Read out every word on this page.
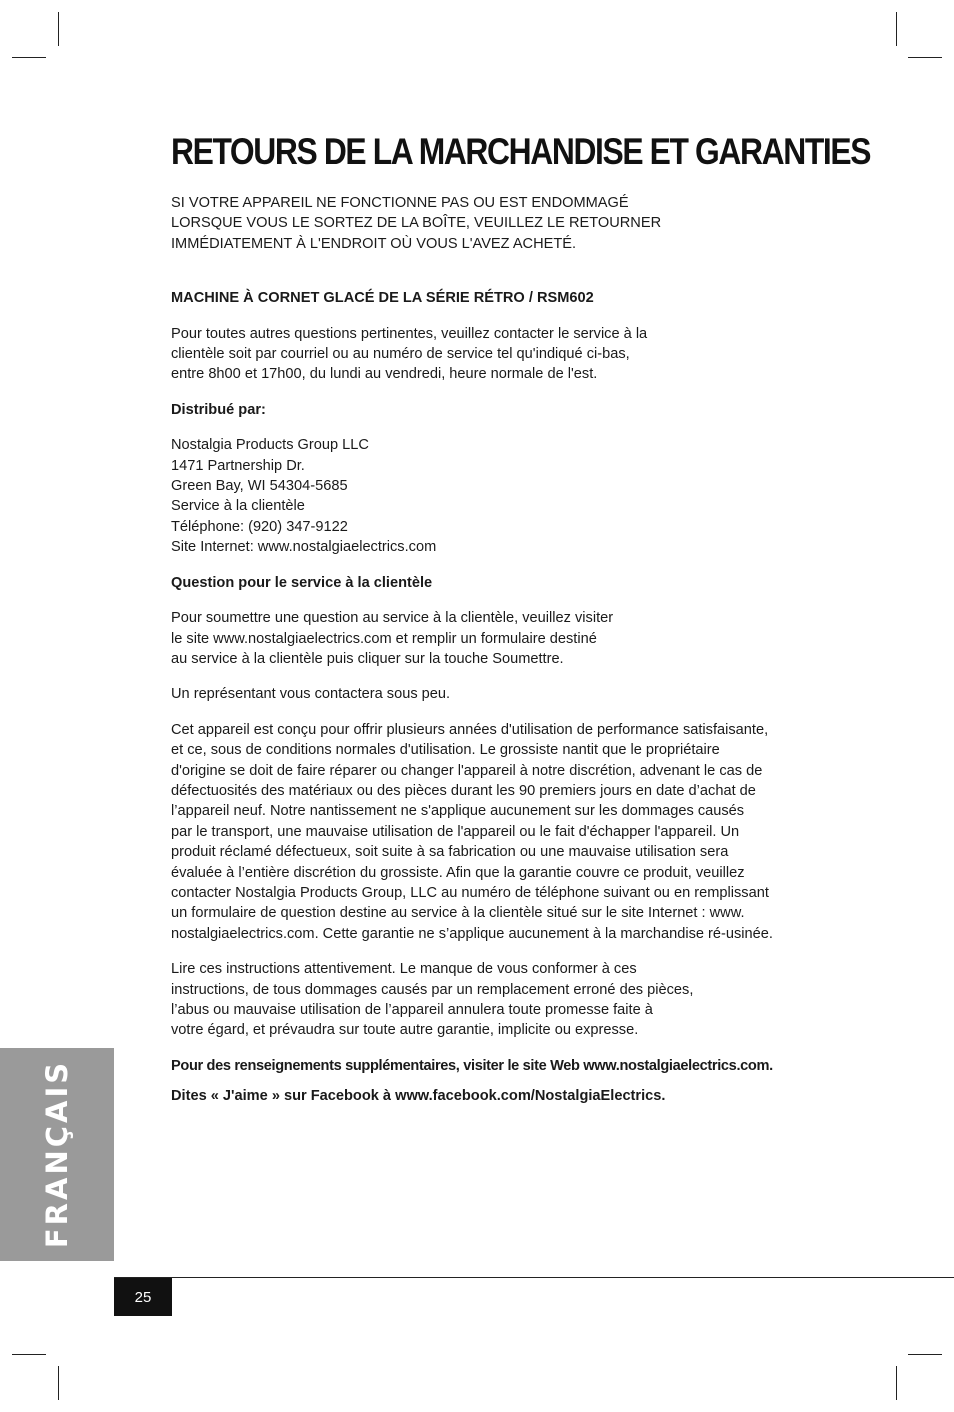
RETOURS DE LA MARCHANDISE ET GARANTIES

SI VOTRE APPAREIL NE FONCTIONNE PAS OU EST ENDOMMAGÉ
LORSQUE VOUS LE SORTEZ DE LA BOÎTE, VEUILLEZ LE RETOURNER
IMMÉDIATEMENT À L'ENDROIT OÙ VOUS L'AVEZ ACHETÉ.

MACHINE À CORNET GLACÉ DE LA SÉRIE RÉTRO / RSM602

Pour toutes autres questions pertinentes, veuillez contacter le service à la
clientèle soit par courriel ou au numéro de service tel qu'indiqué ci-bas,
entre 8h00 et 17h00, du lundi au vendredi, heure normale de l'est.

Distribué par:

Nostalgia Products Group LLC
1471 Partnership Dr.
Green Bay, WI 54304-5685
Service à la clientèle
Téléphone: (920) 347-9122
Site Internet: www.nostalgiaelectrics.com

Question pour le service à la clientèle

Pour soumettre une question au service à la clientèle, veuillez visiter
le site www.nostalgiaelectrics.com et remplir un formulaire destiné
au service à la clientèle puis cliquer sur la touche Soumettre.

Un représentant vous contactera sous peu.

Cet appareil est conçu pour offrir plusieurs années d'utilisation de performance satisfaisante,
et ce, sous de conditions normales d'utilisation. Le grossiste nantit que le propriétaire
d'origine se doit de faire réparer ou changer l'appareil à notre discrétion, advenant le cas de
défectuosités des matériaux ou des pièces durant les 90 premiers jours en date d’achat de
l’appareil neuf. Notre nantissement ne s'applique aucunement sur les dommages causés
par le transport, une mauvaise utilisation de l'appareil ou le fait d'échapper l'appareil. Un
produit réclamé défectueux, soit suite à sa fabrication ou une mauvaise utilisation sera
évaluée à l’entière discrétion du grossiste. Afin que la garantie couvre ce produit, veuillez
contacter Nostalgia Products Group, LLC au numéro de téléphone suivant ou en remplissant
un formulaire de question destine au service à la clientèle situé sur le site Internet : www.
nostalgiaelectrics.com. Cette garantie ne s’applique aucunement à la marchandise ré-usinée.

Lire ces instructions attentivement. Le manque de vous conformer à ces
instructions, de tous dommages causés par un remplacement erroné des pièces,
l’abus ou mauvaise utilisation de l’appareil annulera toute promesse faite à
votre égard, et prévaudra sur toute autre garantie, implicite ou expresse.

Pour des renseignements supplémentaires, visiter le site Web www.nostalgiaelectrics.com.

Dites « J'aime » sur Facebook à www.facebook.com/NostalgiaElectrics.

FRANÇAIS
25
